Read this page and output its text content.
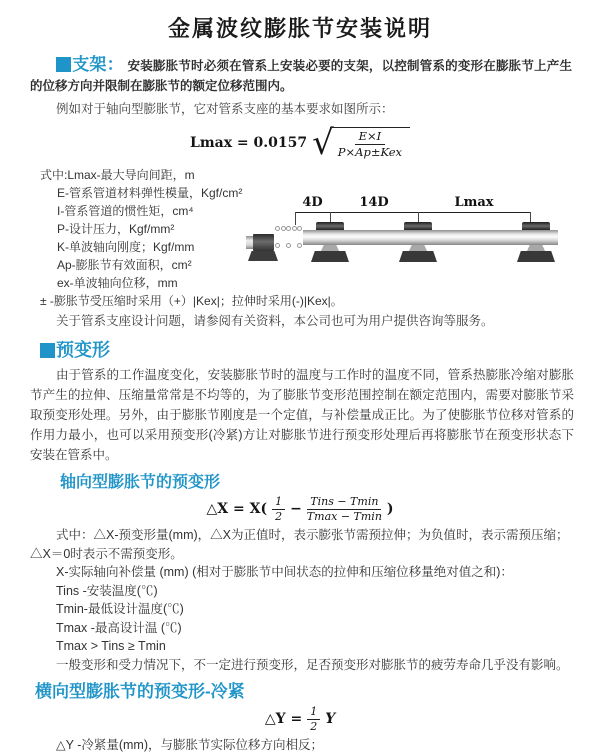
金属波纹膨胀节安装说明

支架： 安装膨胀节时必须在管系上安装必要的支架，以控制管系的变形在膨胀节上产生的位移方向并限制在膨胀节的额定位移范围内。

例如对于轴向型膨胀节，它对管系支座的基本要求如图所示：

Lmax = 0.0157 √
$\frac{E\times I}{\text{P×Ap±Kex}}$
式中:Lmax-最大导向间距，m
E-管系管道材料弹性模量，Kgf/cm²
I-管系管道的惯性矩，cm⁴
P-设计压力，Kgf/mm²
K-单波轴向刚度；Kgf/mm
Ap-膨胀节有效面积，cm²
ex-单波轴向位移，mm

± -膨胀节受压缩时采用（+）|Kex|；拉伸时采用(-)|Kex|。

关于管系支座设计问题，请参阅有关资料，本公司也可为用户提供咨询等服务。

4D	14D	Lmax
预变形

由于管系的工作温度变化，安装膨胀节时的温度与工作时的温度不同，管系热膨胀冷缩对膨胀节产生的拉伸、压缩量常常是不均等的，为了膨胀节变形范围控制在额定范围内，需要对膨胀节采取预变形处理。另外，由于膨胀节刚度是一个定值，与补偿量成正比。为了使膨胀节位移对管系的作用力最小，也可以采用预变形(冷紧)方让对膨胀节进行预变形处理后再将膨胀节在预变形状态下安装在管系中。

轴向型膨胀节的预变形
△X = $X( \frac{1}{2} - \frac{\text{Tins − Tmin}}{Tmax - Tmin}$ )

式中：△X-预变形量(mm)，△X为正值时，表示膨张节需预拉伸；为负值时，表示需预压缩；△X＝0时表示不需预变形。

X-实际轴向补偿量 (mm) (相对于膨胀节中间状态的拉伸和压缩位移量绝对值之和)：

Tins -安装温度(℃)

Tmin-最低设计温度(℃)

Tmax -最高设计温 (℃)

Tmax > Tins ≥ Tmin

一般变形和受力情况下，不一定进行预变形，足否预变形对膨胀节的疲劳寿命几乎没有影响。

横向型膨胀节的预变形-冷紧
△Y = $\frac{1}{2}$ Y

△Y -冷紧量(mm)，与膨胀节实际位移方向相反；
